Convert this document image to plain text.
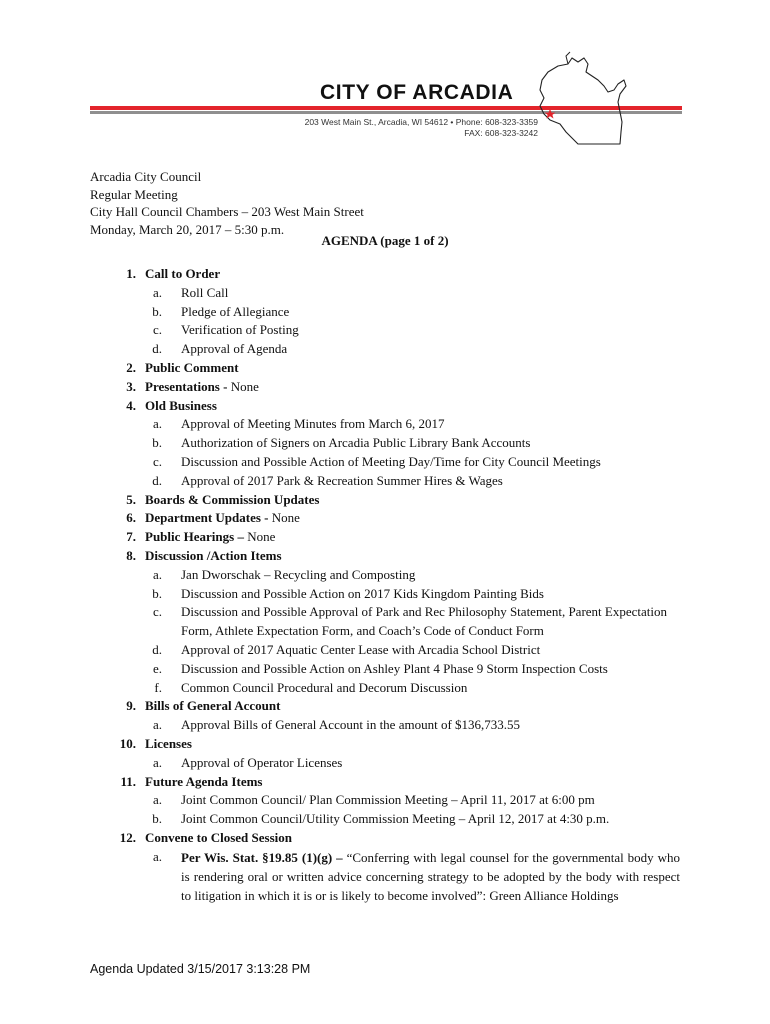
CITY OF ARCADIA
203 West Main St., Arcadia, WI 54612 • Phone: 608-323-3359
FAX: 608-323-3242
Arcadia City Council
Regular Meeting
City Hall Council Chambers – 203 West Main Street
Monday, March 20, 2017 – 5:30 p.m.
AGENDA (page 1 of 2)
1. Call to Order
a.	Roll Call
b.	Pledge of Allegiance
c.	Verification of Posting
d.	Approval of Agenda
2. Public Comment
3. Presentations - None
4. Old Business
a.	Approval of Meeting Minutes from March 6, 2017
b.	Authorization of Signers on Arcadia Public Library Bank Accounts
c.	Discussion and Possible Action of Meeting Day/Time for City Council Meetings
d.	Approval of 2017 Park & Recreation Summer Hires & Wages
5. Boards & Commission Updates
6. Department Updates - None
7. Public Hearings – None
8. Discussion /Action Items
a.	Jan Dworschak – Recycling and Composting
b.	Discussion and Possible Action on 2017 Kids Kingdom Painting Bids
c.	Discussion and Possible Approval of Park and Rec Philosophy Statement, Parent Expectation Form, Athlete Expectation Form, and Coach’s Code of Conduct Form
d.	Approval of 2017 Aquatic Center Lease with Arcadia School District
e.	Discussion and Possible Action on Ashley Plant 4 Phase 9 Storm Inspection Costs
f.	Common Council Procedural and Decorum Discussion
9. Bills of General Account
a.	Approval Bills of General Account in the amount of $136,733.55
10. Licenses
a.	Approval of Operator Licenses
11. Future Agenda Items
a.	Joint Common Council/ Plan Commission Meeting – April 11, 2017 at 6:00 pm
b.	Joint Common Council/Utility Commission Meeting – April 12, 2017 at 4:30 p.m.
12. Convene to Closed Session
a.	Per Wis. Stat. §19.85 (1)(g) – “Conferring with legal counsel for the governmental body who is rendering oral or written advice concerning strategy to be adopted by the body with respect to litigation in which it is or is likely to become involved”: Green Alliance Holdings
Agenda Updated 3/15/2017 3:13:28 PM
